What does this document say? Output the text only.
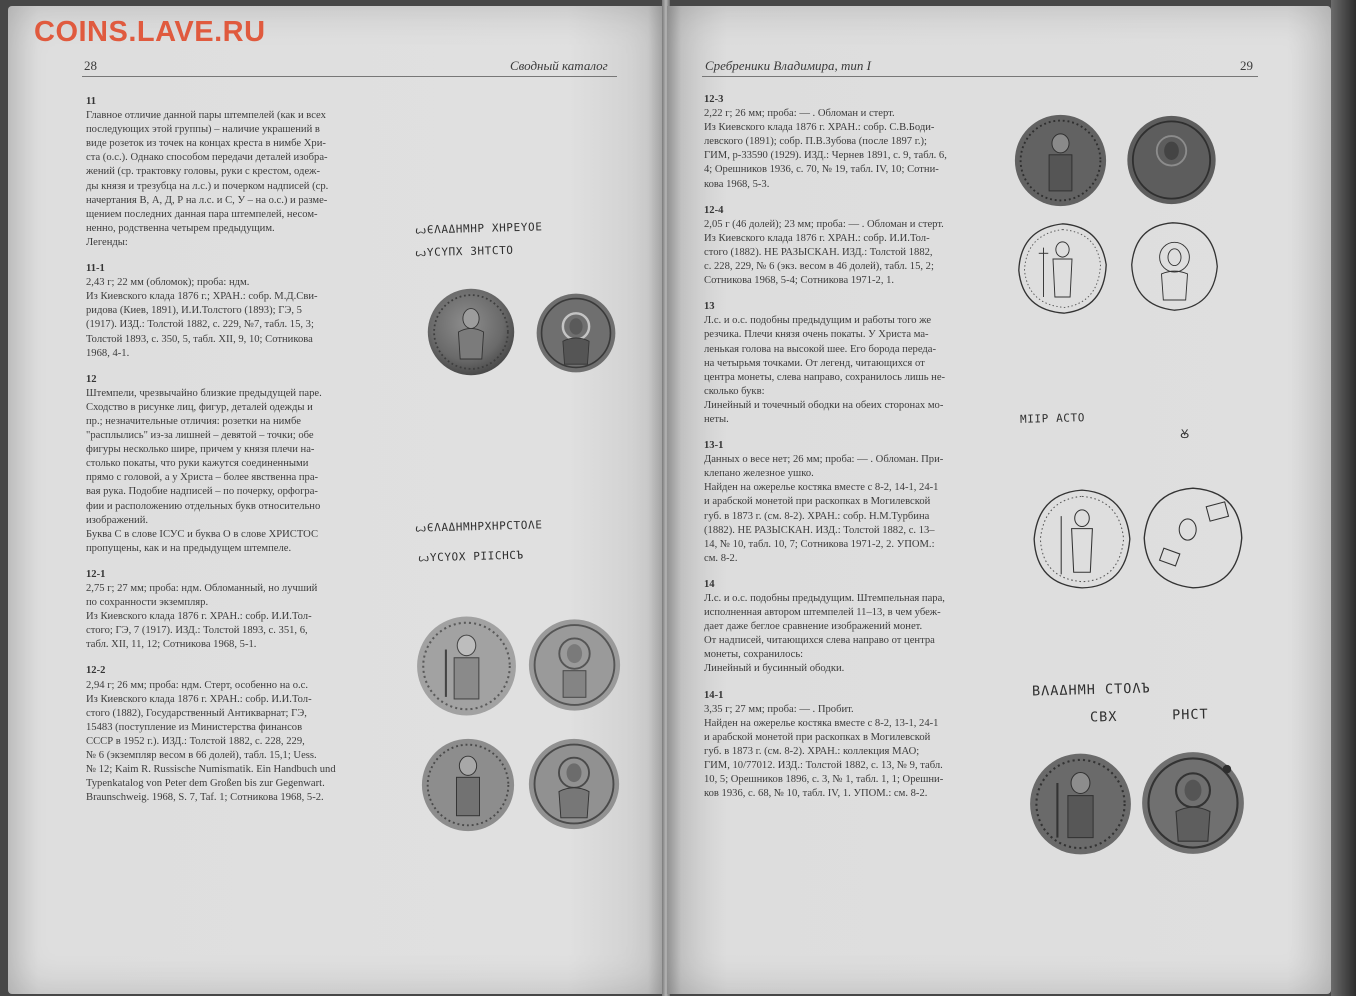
COINS.LAVE.RU
28	Сводный каталог	Сребреники Владимира, тип I	29

11

Главное отличие данной пары штемпелей (как и всех

последующих этой группы) – наличие украшений в

виде розеток из точек на концах креста в нимбе Хри-

ста (о.с.). Однако способом передачи деталей изобра-

жений (ср. трактовку головы, руки с крестом, одеж-

ды князя и трезубца на л.с.) и почерком надписей (ср.

начертания В, А, Д, Р на л.с. и С, У – на о.с.) и разме-

щением последних данная пара штемпелей, несом-

ненно, родственна четырем предыдущим.

Легенды:

11-1

2,43 г; 22 мм (обломок); проба: ндм.

Из Киевского клада 1876 г.; ХРАН.: собр. М.Д.Сви-

ридова (Киев, 1891), И.И.Толстого (1893); ГЭ, 5

(1917). ИЗД.: Толстой 1882, с. 229, №7, табл. 15, 3;

Толстой 1893, с. 350, 5, табл. XII, 9, 10; Сотникова

1968, 4-1.

12

Штемпели, чрезвычайно близкие предыдущей паре.

Сходство в рисунке лиц, фигур, деталей одежды и

пр.; незначительные отличия: розетки на нимбе

"расплылись" из-за лишней – девятой – точки; обе

фигуры несколько шире, причем у князя плечи на-

столько покаты, что руки кажутся соединенными

прямо с головой, а у Христа – более явственна пра-

вая рука. Подобие надписей – по почерку, орфогра-

фии и расположению отдельных букв относительно

изображений.

Буква С в слове ІСУС и буква О в слове ХРИСТОС

пропущены, как и на предыдущем штемпеле.

12-1

2,75 г; 27 мм; проба: ндм. Обломанный, но лучший

по сохранности экземпляр.

Из Киевского клада 1876 г. ХРАН.: собр. И.И.Тол-

стого; ГЭ, 7 (1917). ИЗД.: Толстой 1893, с. 351, 6,

табл. XII, 11, 12; Сотникова 1968, 5-1.

12-2

2,94 г; 26 мм; проба: ндм. Стерт, особенно на о.с.

Из Киевского клада 1876 г. ХРАН.: собр. И.И.Тол-

стого (1882), Государственный Антикварнат; ГЭ,

15483 (поступление из Министерства финансов

СССР в 1952 г.). ИЗД.: Толстой 1882, с. 228, 229,

№ 6 (экземпляр весом в 66 долей), табл. 15,1; Uess.

№ 12; Kaim R. Russische Numismatik. Ein Handbuch und

Typenkatalog von Peter dem Großen bis zur Gegenwart.

Braunschweig. 1968, S. 7, Taf. 1; Сотникова 1968, 5-2.

12-3

2,22 г; 26 мм; проба: — . Обломан и стерт.

Из Киевского клада 1876 г. ХРАН.: собр. С.В.Боди-

левского (1891); собр. П.В.Зубова (после 1897 г.);

ГИМ, р-33590 (1929). ИЗД.: Чернев 1891, с. 9, табл. 6,

4; Орешников 1936, с. 70, № 19, табл. IV, 10; Сотни-

кова 1968, 5-3.

12-4

2,05 г (46 долей); 23 мм; проба: — . Обломан и стерт.

Из Киевского клада 1876 г. ХРАН.: собр. И.И.Тол-

стого (1882). НЕ РАЗЫСКАН. ИЗД.: Толстой 1882,

с. 228, 229, № 6 (экз. весом в 46 долей), табл. 15, 2;

Сотникова 1968, 5-4; Сотникова 1971-2, 1.

13

Л.с. и о.с. подобны предыдущим и работы того же

резчика. Плечи князя очень покаты. У Христа ма-

ленькая голова на высокой шее. Его борода переда-

на четырьмя точками. От легенд, читающихся от

центра монеты, слева направо, сохранилось лишь не-

сколько букв:

Линейный и точечный ободки на обеих сторонах мо-

неты.

13-1

Данных о весе нет; 26 мм; проба: — . Обломан. При-

клепано железное ушко.

Найден на ожерелье костяка вместе с 8-2, 14-1, 24-1

и арабской монетой при раскопках в Могилевской

губ. в 1873 г. (см. 8-2). ХРАН.: собр. Н.М.Турбина

(1882). НЕ РАЗЫСКАН. ИЗД.: Толстой 1882, с. 13–

14, № 10, табл. 10, 7; Сотникова 1971-2, 2. УПОМ.:

см. 8-2.

14

Л.с. и о.с. подобны предыдущим. Штемпельная пара,

исполненная автором штемпелей 11–13, в чем убеж-

дает даже беглое сравнение изображений монет.

От надписей, читающихся слева направо от центра

монеты, сохранилось:

Линейный и бусинный ободки.

14-1

3,35 г; 27 мм; проба: — . Пробит.

Найден на ожерелье костяка вместе с 8-2, 13-1, 24-1

и арабской монетой при раскопках в Могилевской

губ. в 1873 г. (см. 8-2). ХРАН.: коллекция МАО;

ГИМ, 10/77012. ИЗД.: Толстой 1882, с. 13, № 9, табл.

10, 5; Орешников 1896, с. 3, № 1, табл. 1, 1; Орешни-

ков 1936, с. 68, № 10, табл. IV, 1. УПОМ.: см. 8-2.

ꙍЄΛΑΔΗΜΗΡ ΧΗΡΕΥΟΕ
ꙍΥCΥΠΧ ЗΗΤCΤΟ
ꙍЄΛΑΔΗΜΗΡΧΗΡCΤΟΛΕ
ꙍΥCΥΟΧ ΡΙΙCΗCЪ
ΜΙΙΡ ΑCΤΟ
Ꙋ
ΒΛΑΔΗΜΗ CΤΟΛЪ
CΒΧ      ΡΗCΤ
